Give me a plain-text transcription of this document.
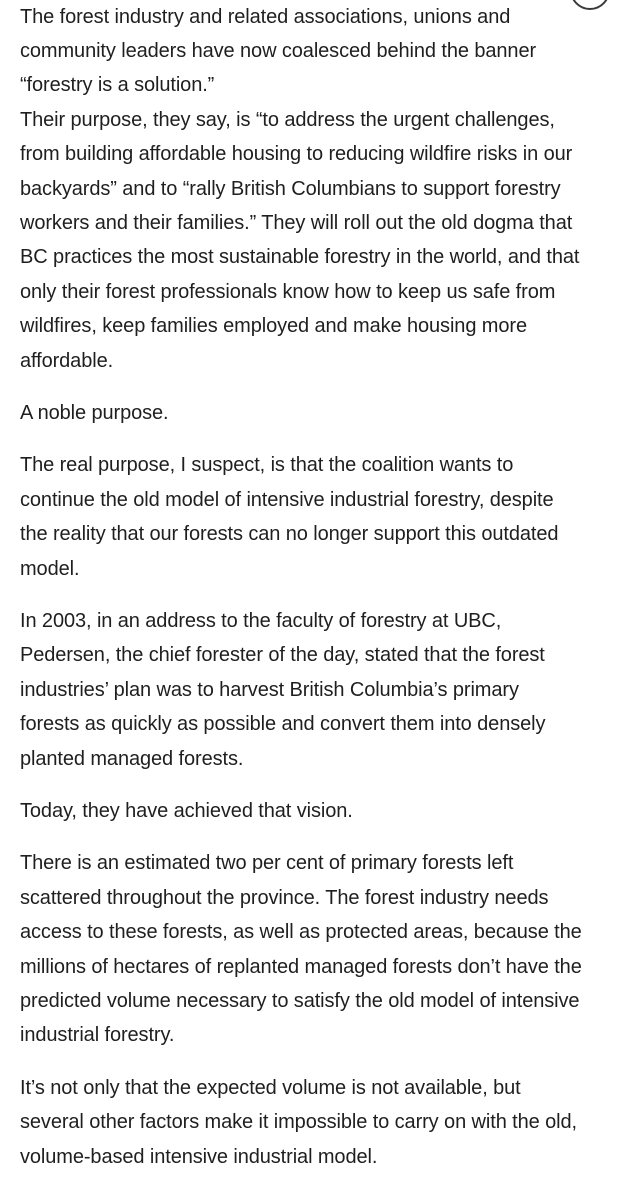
The forest industry and related associations, unions and
community leaders have now coalesced behind the banner
“forestry is a solution.”

Their purpose, they say, is “to address the urgent challenges,
from building affordable housing to reducing wildfire risks in our
backyards” and to “rally British Columbians to support forestry
workers and their families.” They will roll out the old dogma that
BC practices the most sustainable forestry in the world, and that
only their forest professionals know how to keep us safe from
wildfires, keep families employed and make housing more
affordable.

A noble purpose.

The real purpose, I suspect, is that the coalition wants to
continue the old model of intensive industrial forestry, despite
the reality that our forests can no longer support this outdated
model.

In 2003, in an address to the faculty of forestry at UBC,
Pedersen, the chief forester of the day, stated that the forest
industries’ plan was to harvest British Columbia’s primary
forests as quickly as possible and convert them into densely
planted managed forests.

Today, they have achieved that vision.

There is an estimated two per cent of primary forests left
scattered throughout the province. The forest industry needs
access to these forests, as well as protected areas, because the
millions of hectares of replanted managed forests don’t have the
predicted volume necessary to satisfy the old model of intensive
industrial forestry.

It’s not only that the expected volume is not available, but
several other factors make it impossible to carry on with the old,
volume-based intensive industrial model.
